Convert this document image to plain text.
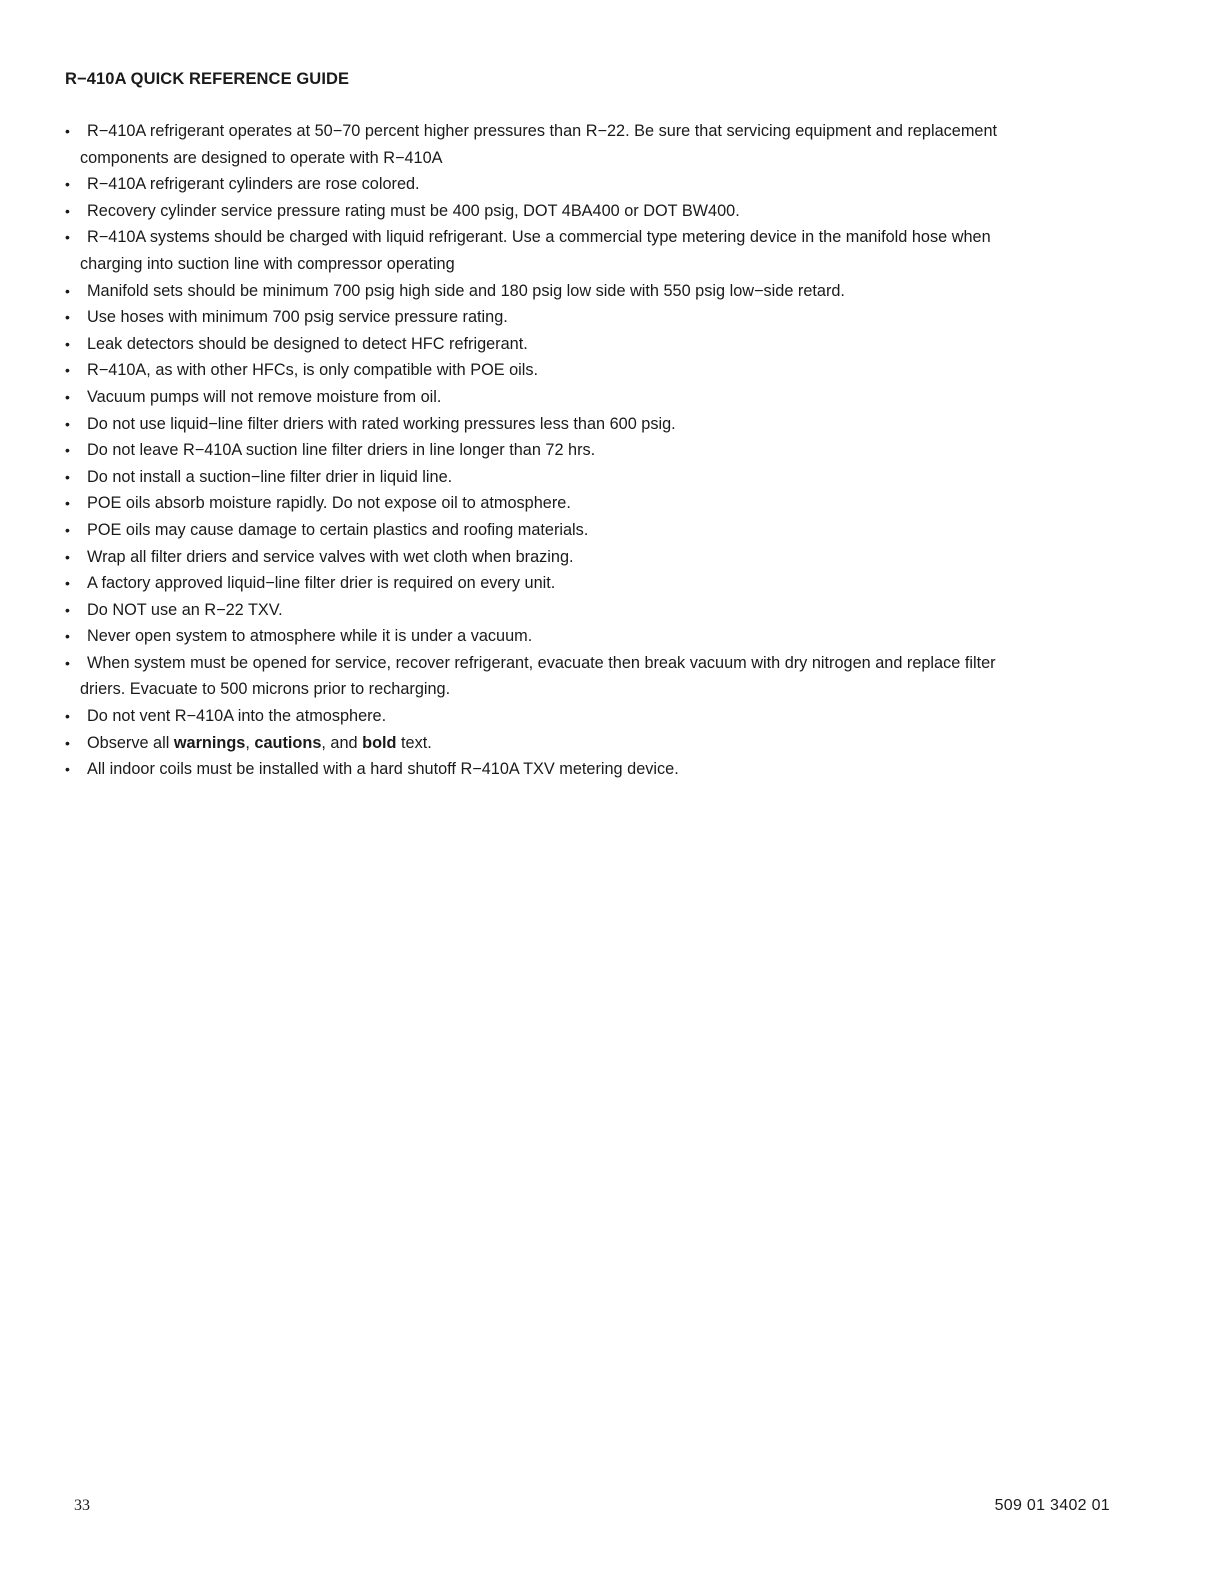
R−410A QUICK REFERENCE GUIDE
• R−410A refrigerant operates at 50−70 percent higher pressures than R−22. Be sure that servicing equipment and replacement components are designed to operate with R−410A
• R−410A refrigerant cylinders are rose colored.
• Recovery cylinder service pressure rating must be 400 psig, DOT 4BA400 or DOT BW400.
• R−410A systems should be charged with liquid refrigerant. Use a commercial type metering device in the manifold hose when charging into suction line with compressor operating
• Manifold sets should be minimum 700 psig high side and 180 psig low side with 550 psig low−side retard.
• Use hoses with minimum 700 psig service pressure rating.
• Leak detectors should be designed to detect HFC refrigerant.
• R−410A, as with other HFCs, is only compatible with POE oils.
• Vacuum pumps will not remove moisture from oil.
• Do not use liquid−line filter driers with rated working pressures less than 600 psig.
• Do not leave R−410A suction line filter driers in line longer than 72 hrs.
• Do not install a suction−line filter drier in liquid line.
• POE oils absorb moisture rapidly. Do not expose oil to atmosphere.
• POE oils may cause damage to certain plastics and roofing materials.
• Wrap all filter driers and service valves with wet cloth when brazing.
• A factory approved liquid−line filter drier is required on every unit.
• Do NOT use an R−22 TXV.
• Never open system to atmosphere while it is under a vacuum.
• When system must be opened for service, recover refrigerant, evacuate then break vacuum with dry nitrogen and replace filter driers. Evacuate to 500 microns prior to recharging.
• Do not vent R−410A into the atmosphere.
• Observe all warnings, cautions, and bold text.
• All indoor coils must be installed with a hard shutoff R−410A TXV metering device.
33	509 01 3402 01
